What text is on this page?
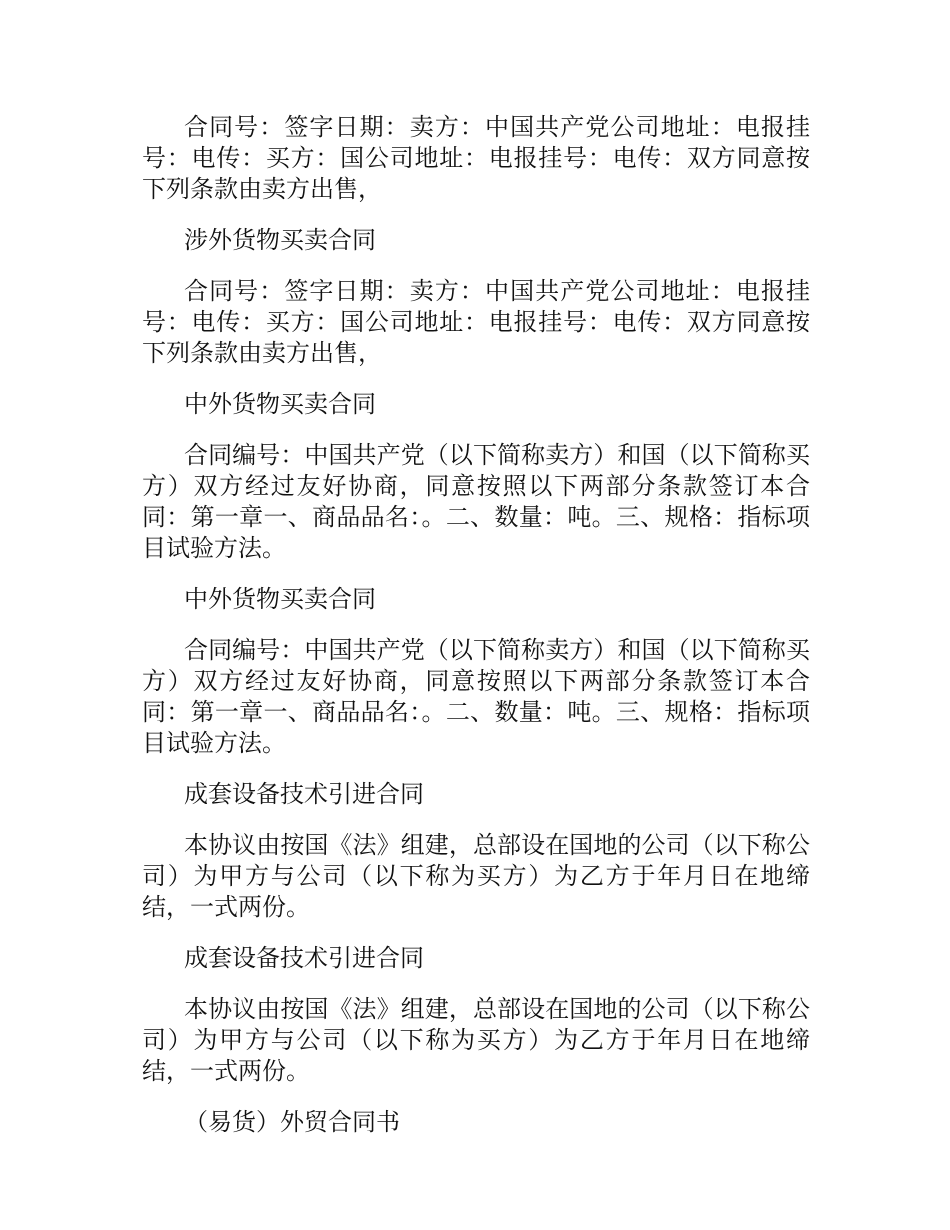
合同号：签字日期：卖方：中国共产党公司地址：电报挂号：电传：买方：国公司地址：电报挂号：电传：双方同意按下列条款由卖方出售，

涉外货物买卖合同

合同号：签字日期：卖方：中国共产党公司地址：电报挂号：电传：买方：国公司地址：电报挂号：电传：双方同意按下列条款由卖方出售，

中外货物买卖合同

合同编号：中国共产党（以下简称卖方）和国（以下简称买方）双方经过友好协商，同意按照以下两部分条款签订本合同：第一章一、商品品名：。二、数量：吨。三、规格：指标项目试验方法。

中外货物买卖合同

合同编号：中国共产党（以下简称卖方）和国（以下简称买方）双方经过友好协商，同意按照以下两部分条款签订本合同：第一章一、商品品名：。二、数量：吨。三、规格：指标项目试验方法。

成套设备技术引进合同

本协议由按国《法》组建，总部设在国地的公司（以下称公司）为甲方与公司（以下称为买方）为乙方于年月日在地缔结，一式两份。

成套设备技术引进合同

本协议由按国《法》组建，总部设在国地的公司（以下称公司）为甲方与公司（以下称为买方）为乙方于年月日在地缔结，一式两份。

（易货）外贸合同书
